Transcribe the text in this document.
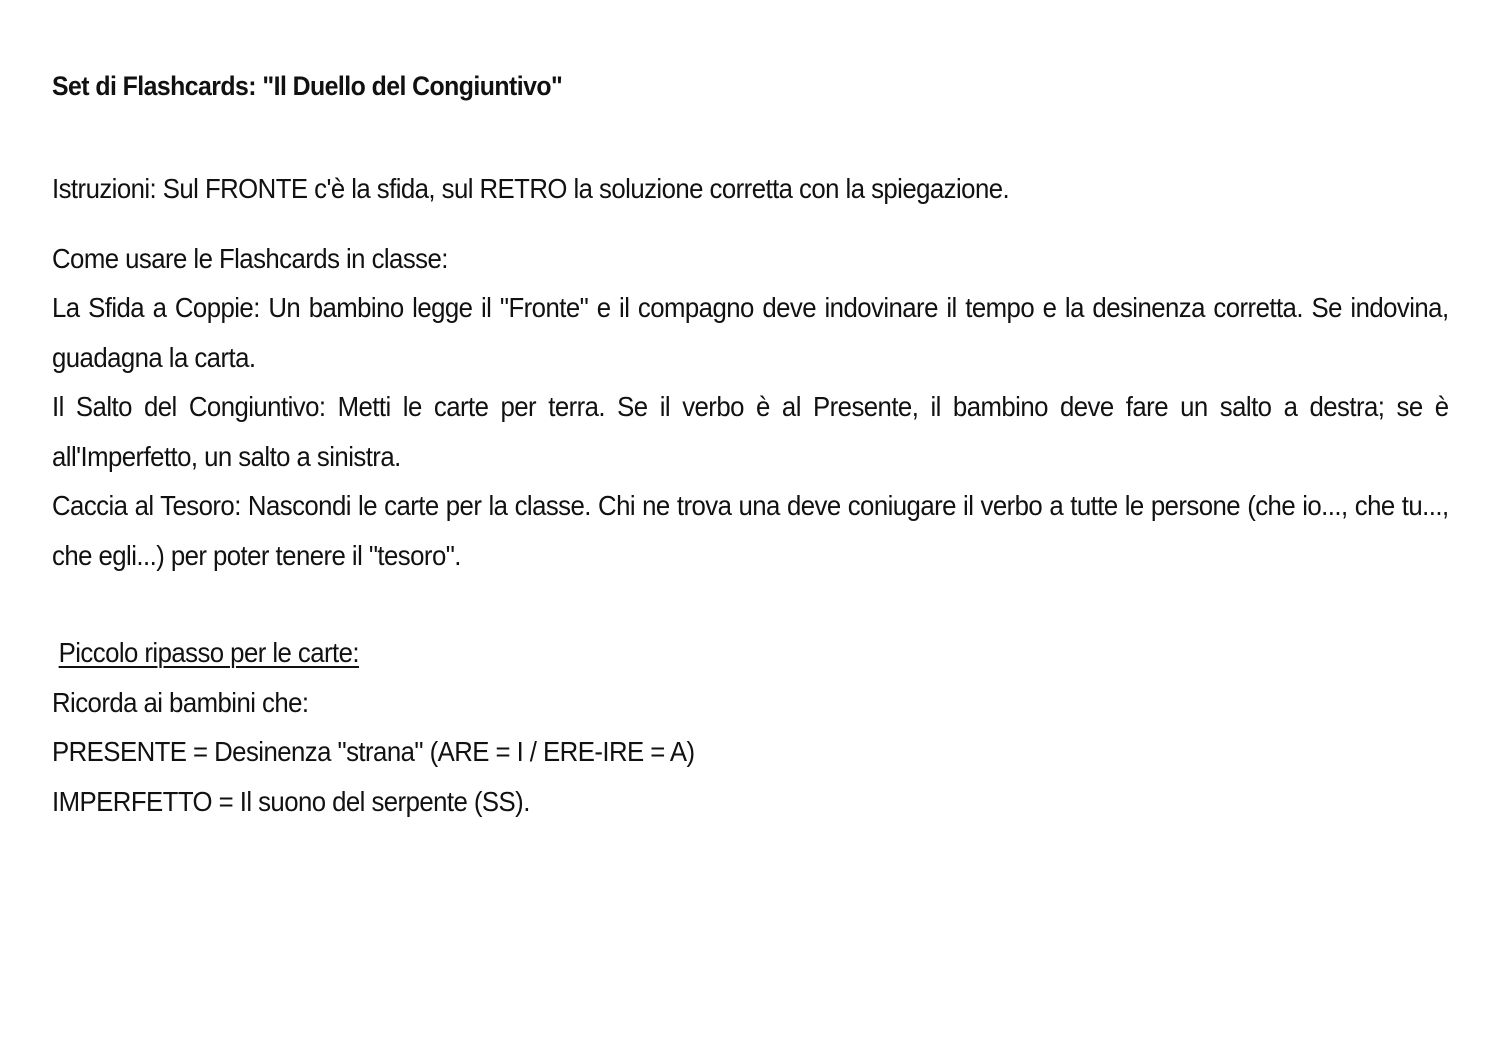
Set di Flashcards: "Il Duello del Congiuntivo"

Istruzioni: Sul FRONTE c'è la sfida, sul RETRO la soluzione corretta con la spiegazione.

Come usare le Flashcards in classe:

La Sfida a Coppie: Un bambino legge il "Fronte" e il compagno deve indovinare il tempo e la desinenza corretta. Se indovina, guadagna la carta.

Il Salto del Congiuntivo: Metti le carte per terra. Se il verbo è al Presente, il bambino deve fare un salto a destra; se è all'Imperfetto, un salto a sinistra.

Caccia al Tesoro: Nascondi le carte per la classe. Chi ne trova una deve coniugare il verbo a tutte le persone (che io..., che tu..., che egli...) per poter tenere il "tesoro".

Piccolo ripasso per le carte:

Ricorda ai bambini che:

PRESENTE = Desinenza "strana" (ARE = I / ERE-IRE = A)

IMPERFETTO = Il suono del serpente (SS).
